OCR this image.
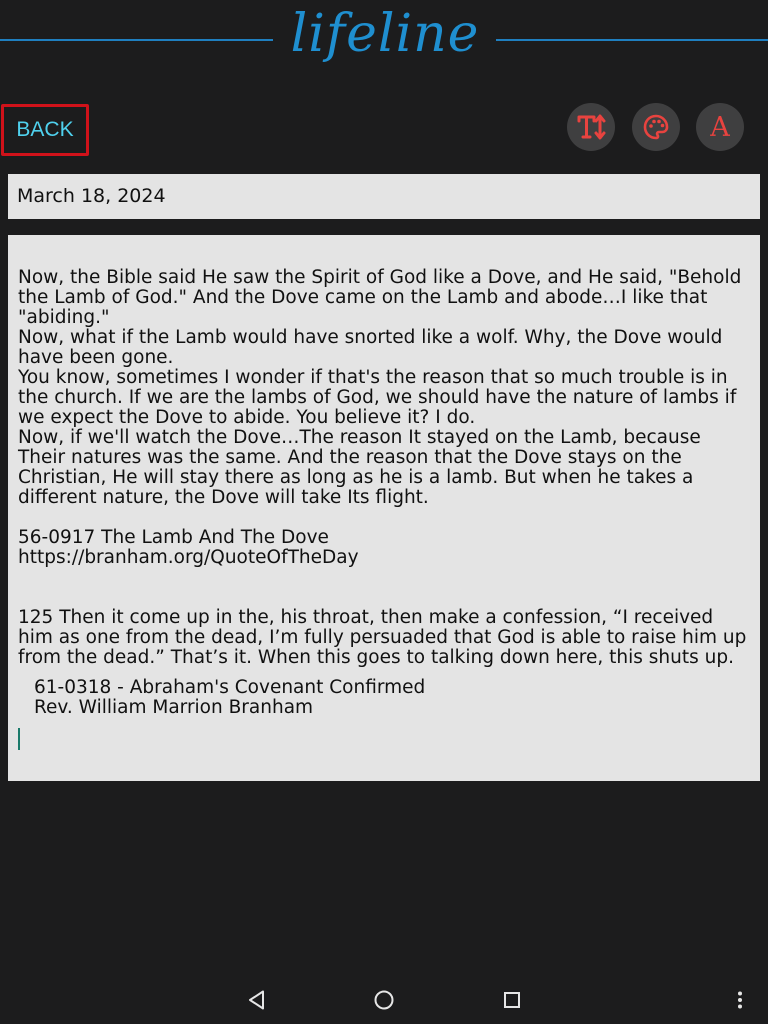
lifeline
BACK	A
March 18, 2024

Now, the Bible said He saw the Spirit of God like a Dove, and He said, "Behold the Lamb of God." And the Dove came on the Lamb and abode…I like that "abiding."

Now, what if the Lamb would have snorted like a wolf. Why, the Dove would have been gone.

You know, sometimes I wonder if that's the reason that so much trouble is in the church. If we are the lambs of God, we should have the nature of lambs if we expect the Dove to abide. You believe it? I do.

Now, if we'll watch the Dove…The reason It stayed on the Lamb, because Their natures was the same. And the reason that the Dove stays on the Christian, He will stay there as long as he is a lamb. But when he takes a different nature, the Dove will take Its flight.

56-0917 The Lamb And The Dove

https://branham.org/QuoteOfTheDay

125 Then it come up in the, his throat, then make a confession, “I received him as one from the dead, I’m fully persuaded that God is able to raise him up from the dead.” That’s it. When this goes to talking down here, this shuts up.

61-0318 - Abraham's Covenant Confirmed

Rev. William Marrion Branham
